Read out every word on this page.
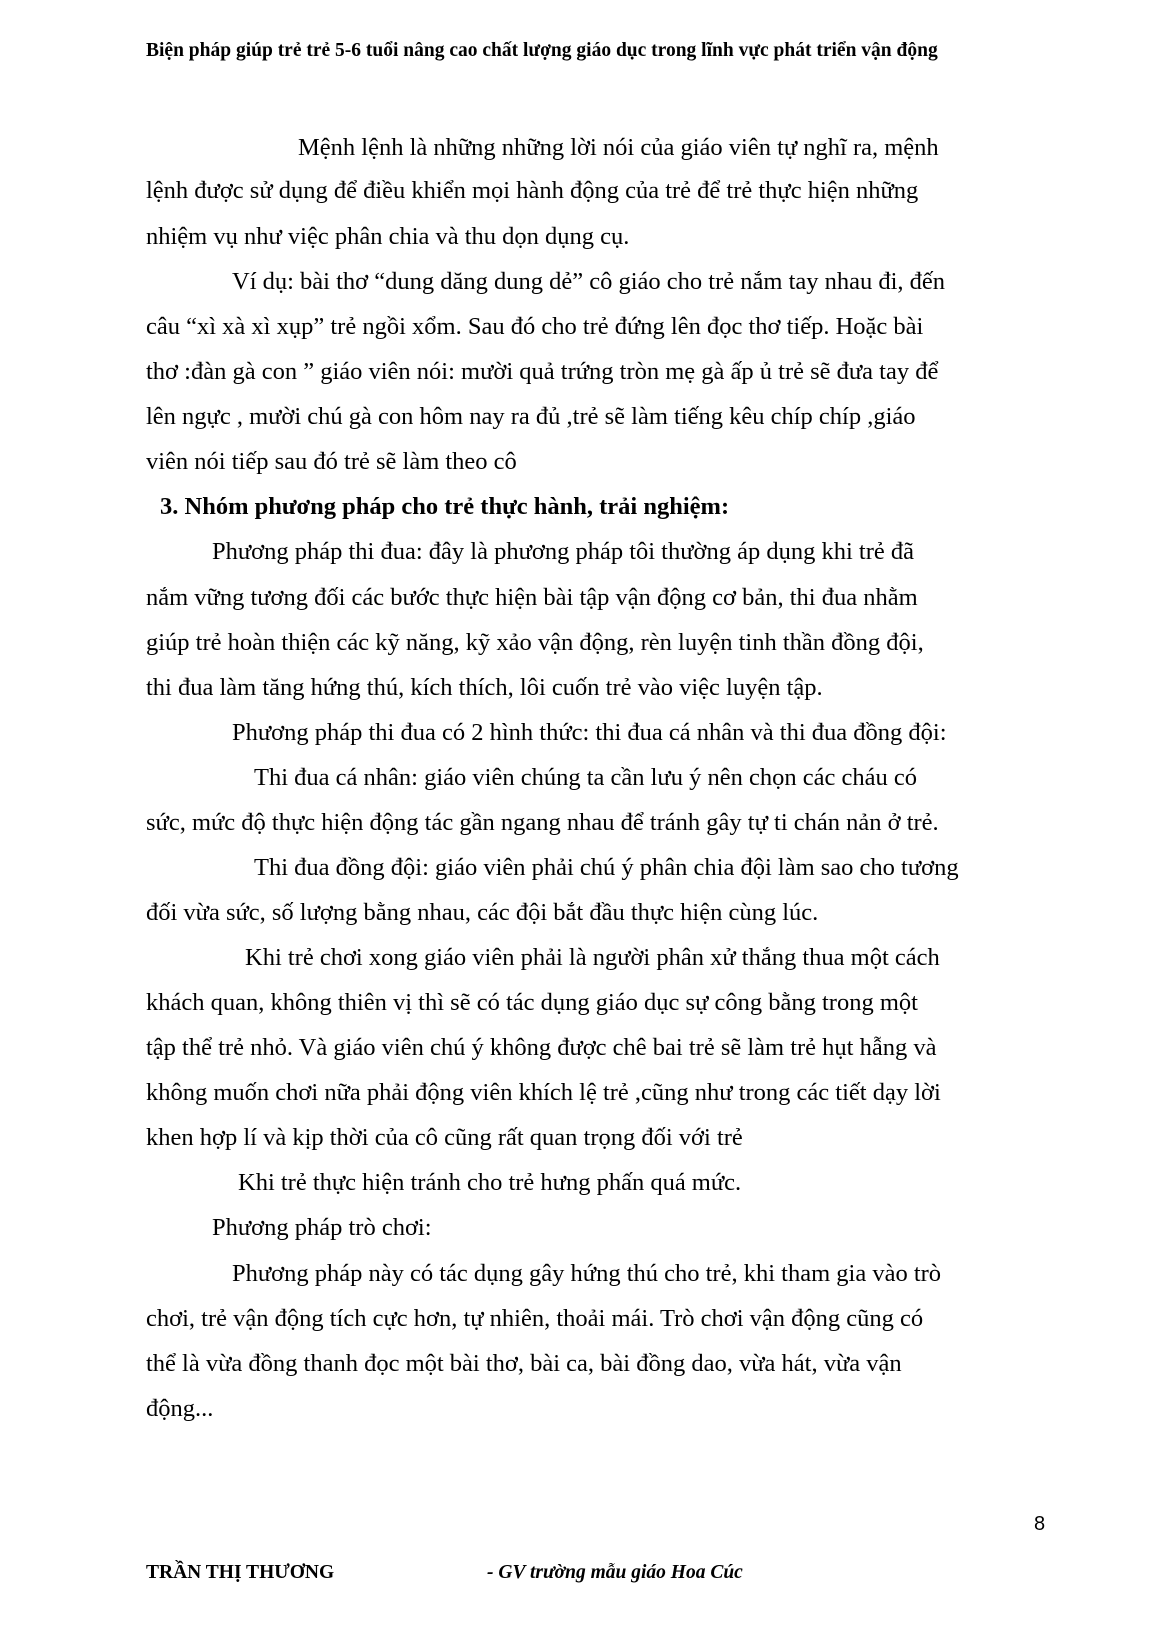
Biện pháp giúp trẻ trẻ 5-6 tuổi nâng cao chất lượng giáo dục trong lĩnh vực phát triển vận động
Mệnh lệnh là những những lời nói của giáo viên tự nghĩ ra, mệnh
lệnh được sử dụng để điều khiển mọi hành động của trẻ để trẻ thực hiện những
nhiệm vụ như việc phân chia và thu dọn dụng cụ.
Ví dụ: bài thơ “dung dăng dung dẻ” cô giáo cho trẻ nắm tay nhau đi, đến
câu “xì xà xì xụp” trẻ ngồi xổm. Sau đó cho trẻ đứng lên đọc thơ tiếp. Hoặc bài
thơ :đàn gà con ” giáo viên nói: mười quả trứng tròn mẹ gà ấp ủ trẻ sẽ đưa tay để
lên ngực , mười chú gà con hôm nay ra đủ ,trẻ sẽ làm tiếng kêu chíp chíp ,giáo
viên nói tiếp sau đó trẻ sẽ làm theo cô
3. Nhóm phương pháp cho trẻ thực hành, trải nghiệm:
Phương pháp thi đua: đây là phương pháp tôi thường áp dụng khi trẻ đã
nắm vững tương đối các bước thực hiện bài tập vận động cơ bản, thi đua nhằm
giúp trẻ hoàn thiện các kỹ năng, kỹ xảo vận động, rèn luyện tinh thần đồng đội,
thi đua làm tăng hứng thú, kích thích, lôi cuốn trẻ vào việc luyện tập.
Phương pháp thi đua có 2 hình thức: thi đua cá nhân và thi đua đồng đội:
Thi đua cá nhân: giáo viên chúng ta cần lưu ý nên chọn các cháu có
sức, mức độ thực hiện động tác gần ngang nhau để tránh gây tự ti chán nản ở trẻ.
Thi đua đồng đội: giáo viên phải chú ý phân chia đội làm sao cho tương
đối vừa sức, số lượng bằng nhau, các đội bắt đầu thực hiện cùng lúc.
Khi trẻ chơi xong giáo viên phải là người phân xử thắng thua một cách
khách quan, không thiên vị thì sẽ có tác dụng giáo dục sự công bằng trong một
tập thể trẻ nhỏ. Và giáo viên chú ý không được chê bai trẻ sẽ làm trẻ hụt hẫng và
không muốn chơi nữa phải động viên khích lệ trẻ ,cũng như trong các tiết dạy lời
khen hợp lí và kịp thời của cô cũng rất quan trọng đối với trẻ
Khi trẻ thực hiện tránh cho trẻ hưng phấn quá mức.
Phương pháp trò chơi:
Phương pháp này có tác dụng gây hứng thú cho trẻ, khi tham gia vào trò
chơi, trẻ vận động tích cực hơn, tự nhiên, thoải mái. Trò chơi vận động cũng có
thể là vừa đồng thanh đọc một bài thơ, bài ca, bài đồng dao, vừa hát, vừa vận
động...
8
TRẦN THỊ THƯƠNG	- GV trường mẫu giáo Hoa Cúc
